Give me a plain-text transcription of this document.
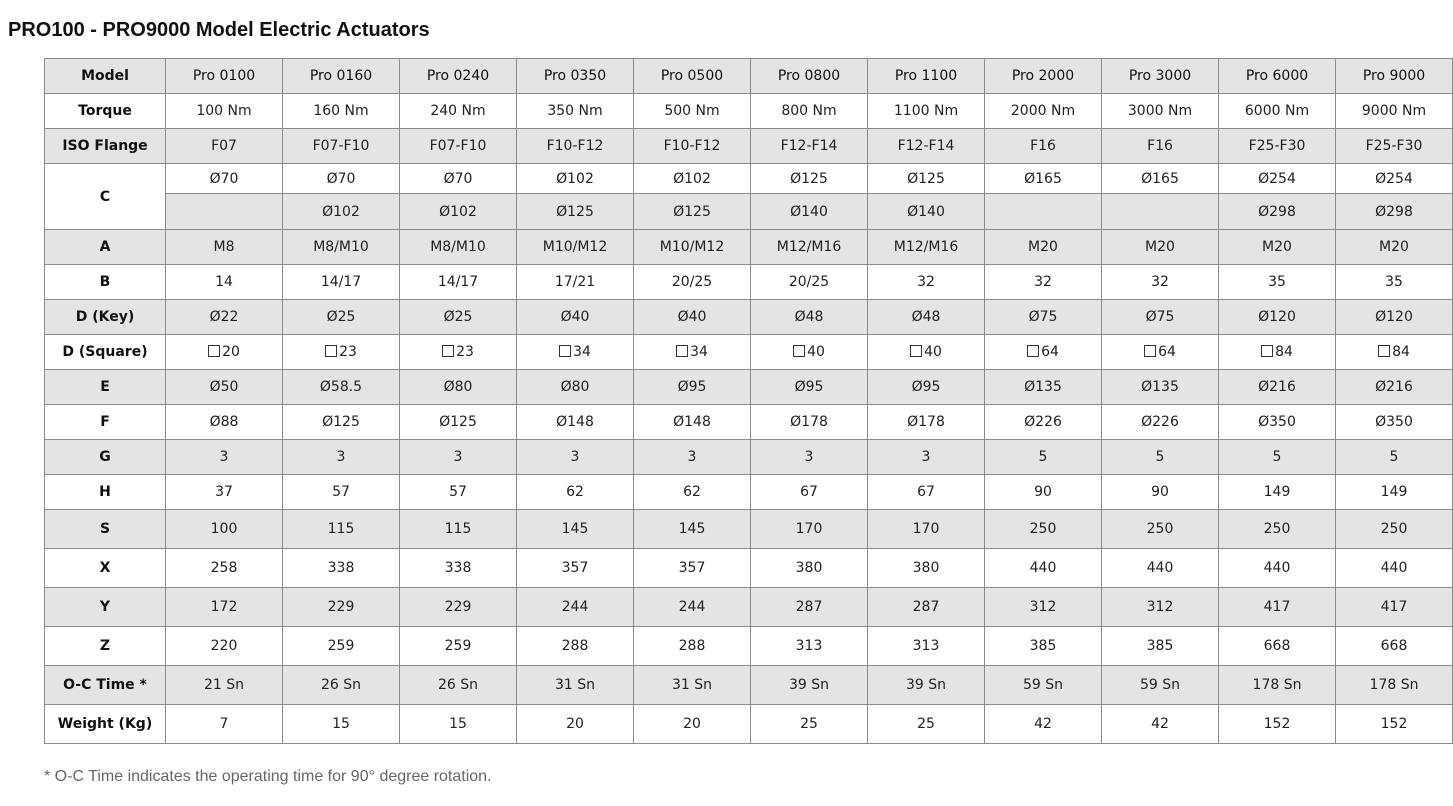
PRO100 - PRO9000 Model Electric Actuators
Model	Pro 0100	Pro 0160	Pro 0240	Pro 0350	Pro 0500	Pro 0800	Pro 1100	Pro 2000	Pro 3000	Pro 6000	Pro 9000
Torque	100 Nm	160 Nm	240 Nm	350 Nm	500 Nm	800 Nm	1100 Nm	2000 Nm	3000 Nm	6000 Nm	9000 Nm
ISO Flange	F07	F07-F10	F07-F10	F10-F12	F10-F12	F12-F14	F12-F14	F16	F16	F25-F30	F25-F30
C	Ø70	Ø70	Ø70	Ø102	Ø102	Ø125	Ø125	Ø165	Ø165	Ø254	Ø254
		Ø102	Ø102	Ø125	Ø125	Ø140	Ø140			Ø298	Ø298
A	M8	M8/M10	M8/M10	M10/M12	M10/M12	M12/M16	M12/M16	M20	M20	M20	M20
B	14	14/17	14/17	17/21	20/25	20/25	32	32	32	35	35
D (Key)	Ø22	Ø25	Ø25	Ø40	Ø40	Ø48	Ø48	Ø75	Ø75	Ø120	Ø120
D (Square)	20	23	23	34	34	40	40	64	64	84	84
E	Ø50	Ø58.5	Ø80	Ø80	Ø95	Ø95	Ø95	Ø135	Ø135	Ø216	Ø216
F	Ø88	Ø125	Ø125	Ø148	Ø148	Ø178	Ø178	Ø226	Ø226	Ø350	Ø350
G	3	3	3	3	3	3	3	5	5	5	5
H	37	57	57	62	62	67	67	90	90	149	149
S	100	115	115	145	145	170	170	250	250	250	250
X	258	338	338	357	357	380	380	440	440	440	440
Y	172	229	229	244	244	287	287	312	312	417	417
Z	220	259	259	288	288	313	313	385	385	668	668
O-C Time *	21 Sn	26 Sn	26 Sn	31 Sn	31 Sn	39 Sn	39 Sn	59 Sn	59 Sn	178 Sn	178 Sn
Weight (Kg)	7	15	15	20	20	25	25	42	42	152	152

* O-C Time indicates the operating time for 90° degree rotation.
